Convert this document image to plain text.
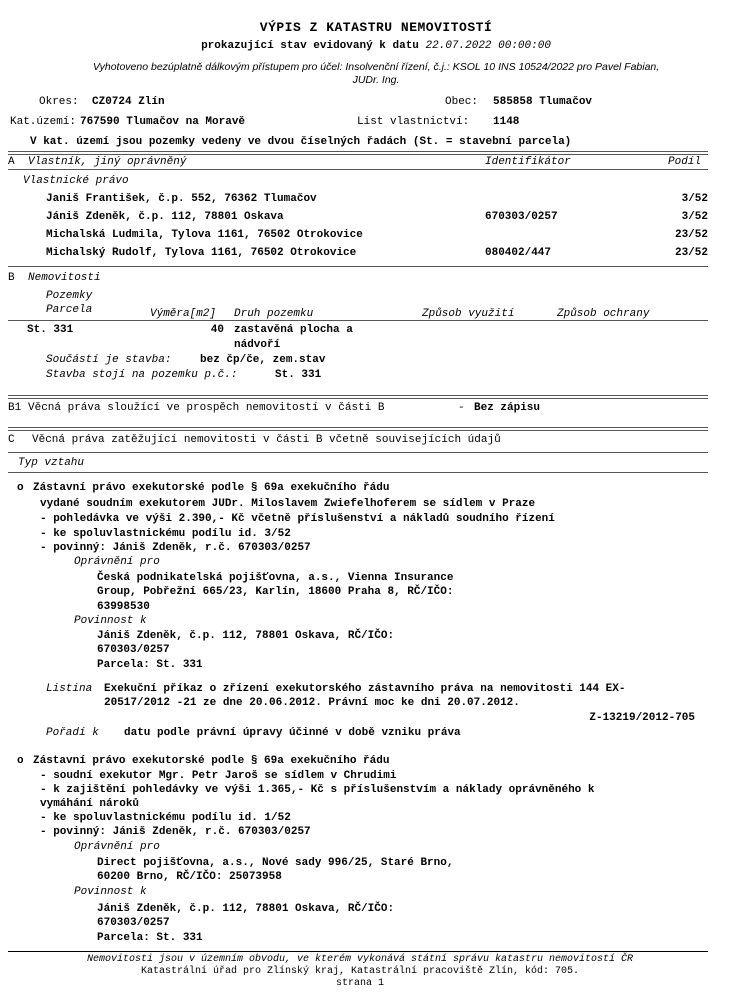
VÝPIS Z KATASTRU NEMOVITOSTÍ
prokazující stav evidovaný k datu 22.07.2022 00:00:00
Vyhotoveno bezúplatně dálkovým přístupem pro účel: Insolvenční řízení, č.j.: KSOL 10 INS 10524/2022 pro Pavel Fabian,
JUDr. Ing.
Okres: CZ0724 Zlín	Obec: 585858 Tlumačov
Kat.území: 767590 Tlumačov na Moravě	List vlastnictví: 1148
V kat. území jsou pozemky vedeny ve dvou číselných řadách (St. = stavební parcela)
A Vlastník, jiný oprávněný	Identifikátor	Podíl
Vlastnické právo
Janiš František, č.p. 552, 76362 Tlumačov	3/52
Jániš Zdeněk, č.p. 112, 78801 Oskava	670303/0257	3/52
Michalská Ludmila, Tylova 1161, 76502 Otrokovice	23/52
Michalský Rudolf, Tylova 1161, 76502 Otrokovice	080402/447	23/52
B Nemovitosti
Pozemky
Parcela	Výměra[m2] Druh pozemku	Způsob využití	Způsob ochrany
St. 331	40 zastavěná plocha a
nádvoří
Součástí je stavba:	bez čp/če, zem.stav
Stavba stojí na pozemku p.č.:	St. 331
B1 Věcná práva sloužící ve prospěch nemovitostí v části B	- Bez zápisu
C Věcná práva zatěžující nemovitosti v části B včetně souvisejících údajů
Typ vztahu
o Zástavní právo exekutorské podle § 69a exekučního řádu
vydané soudním exekutorem JUDr. Miloslavem Zwiefelhoferem se sídlem v Praze
- pohledávka ve výši 2.390,- Kč včetně příslušenství a nákladů soudního řízení
- ke spoluvlastnickému podílu id. 3/52
- povinný: Jániš Zdeněk, r.č. 670303/0257
Oprávnění pro
Česká podnikatelská pojišťovna, a.s., Vienna Insurance
Group, Pobřežní 665/23, Karlín, 18600 Praha 8, RČ/IČO:
63998530
Povinnost k
Jániš Zdeněk, č.p. 112, 78801 Oskava, RČ/IČO:
670303/0257
Parcela: St. 331
Listina Exekuční příkaz o zřízení exekutorského zástavního práva na nemovitosti 144 EX-
20517/2012 -21 ze dne 20.06.2012. Právní moc ke dni 20.07.2012.
Z-13219/2012-705
Pořadí k datu podle právní úpravy účinné v době vzniku práva
o Zástavní právo exekutorské podle § 69a exekučního řádu
- soudní exekutor Mgr. Petr Jaroš se sídlem v Chrudimi
- k zajištění pohledávky ve výši 1.365,- Kč s příslušenstvím a náklady oprávněného k
vymáhání nároků
- ke spoluvlastnickému podílu id. 1/52
- povinný: Jániš Zdeněk, r.č. 670303/0257
Oprávnění pro
Direct pojišťovna, a.s., Nové sady 996/25, Staré Brno,
60200 Brno, RČ/IČO: 25073958
Povinnost k
Jániš Zdeněk, č.p. 112, 78801 Oskava, RČ/IČO:
670303/0257
Parcela: St. 331
Nemovitosti jsou v územním obvodu, ve kterém vykonává státní správu katastru nemovitostí ČR
Katastrální úřad pro Zlínský kraj, Katastrální pracoviště Zlín, kód: 705.
strana 1
